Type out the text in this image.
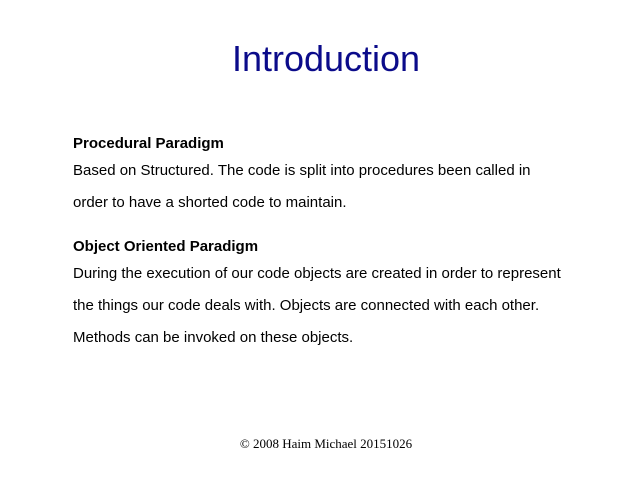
Introduction
Procedural Paradigm
Based on Structured. The code is split into procedures been called in
order to have a shorted code to maintain.
Object Oriented Paradigm
During the execution of our code objects are created in order to represent
the things our code deals with. Objects are connected with each other.
Methods can be invoked on these objects.
© 2008 Haim Michael 20151026
